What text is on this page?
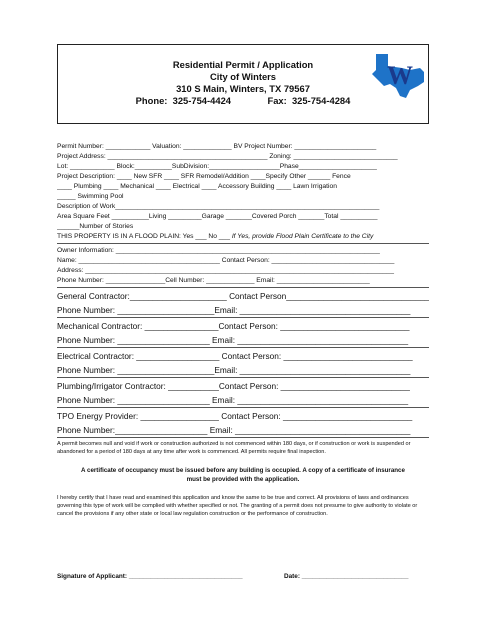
Residential Permit / Application
City of Winters
310 S Main, Winters, TX 79567
Phone:  325-754-4424              Fax:  325-754-4284
W
Permit Number: ____________ Valuation: _____________ BV Project Number: ______________________
Project Address: ___________________________________________ Zoning: ____________________________
Lot: ____________ Block:__________SubDivision:___________________Phase_____________________
Project Description: ____ New SFR ____ SFR Remodel/Addition ____Specify Other ______ Fence
____ Plumbing ____ Mechanical ____ Electrical ____ Accessory Building ____ Lawn Irrigation
_____ Swimming Pool
Description of Work_______________________________________________________________________
Area Square Feet __________Living _________Garage _______Covered Porch _______Total __________
______Number of Stories
THIS PROPERTY IS IN A FLOOD PLAIN: Yes ___ No ___ If Yes, provide Flood Plain Certificate to the City
Owner Information: _______________________________________________________________________
Name: ______________________________________ Contact Person: _________________________________
Address: ___________________________________________________________________________________
Phone Number: ________________Cell Number: _____________ Email: _________________________
General Contractor:_____________________ Contact Person_______________________________
Phone Number: _____________________Email: _____________________________________
Mechanical Contractor: ________________Contact Person: ____________________________
Phone Number: ____________________ Email: _____________________________________
Electrical Contractor: __________________ Contact Person: ____________________________
Phone Number: _____________________Email: _____________________________________
Plumbing/Irrigator Contractor: ___________Contact Person: ____________________________
Phone Number: ____________________ Email: _____________________________________
TPO Energy Provider: _________________ Contact Person: ____________________________
Phone Number:____________________ Email: ______________________________________
A permit becomes null and void if work or construction authorized is not commenced within 180 days, or if construction or work is suspended or abandoned for a period of 180 days at any time after work is commenced. All permits require final inspection.
A certificate of occupancy must be issued before any building is occupied. A copy of a certificate of insurance must be provided with the application.
I hereby certify that I have read and examined this application and know the same to be true and correct. All provisions of laws and ordinances governing this type of work will be complied with whether specified or not. The granting of a permit does not presume to give authority to violate or cancel the provisions if any other state or local law regulation construction or the performance of construction.
Signature of Applicant: ________________________________	Date: ______________________________
